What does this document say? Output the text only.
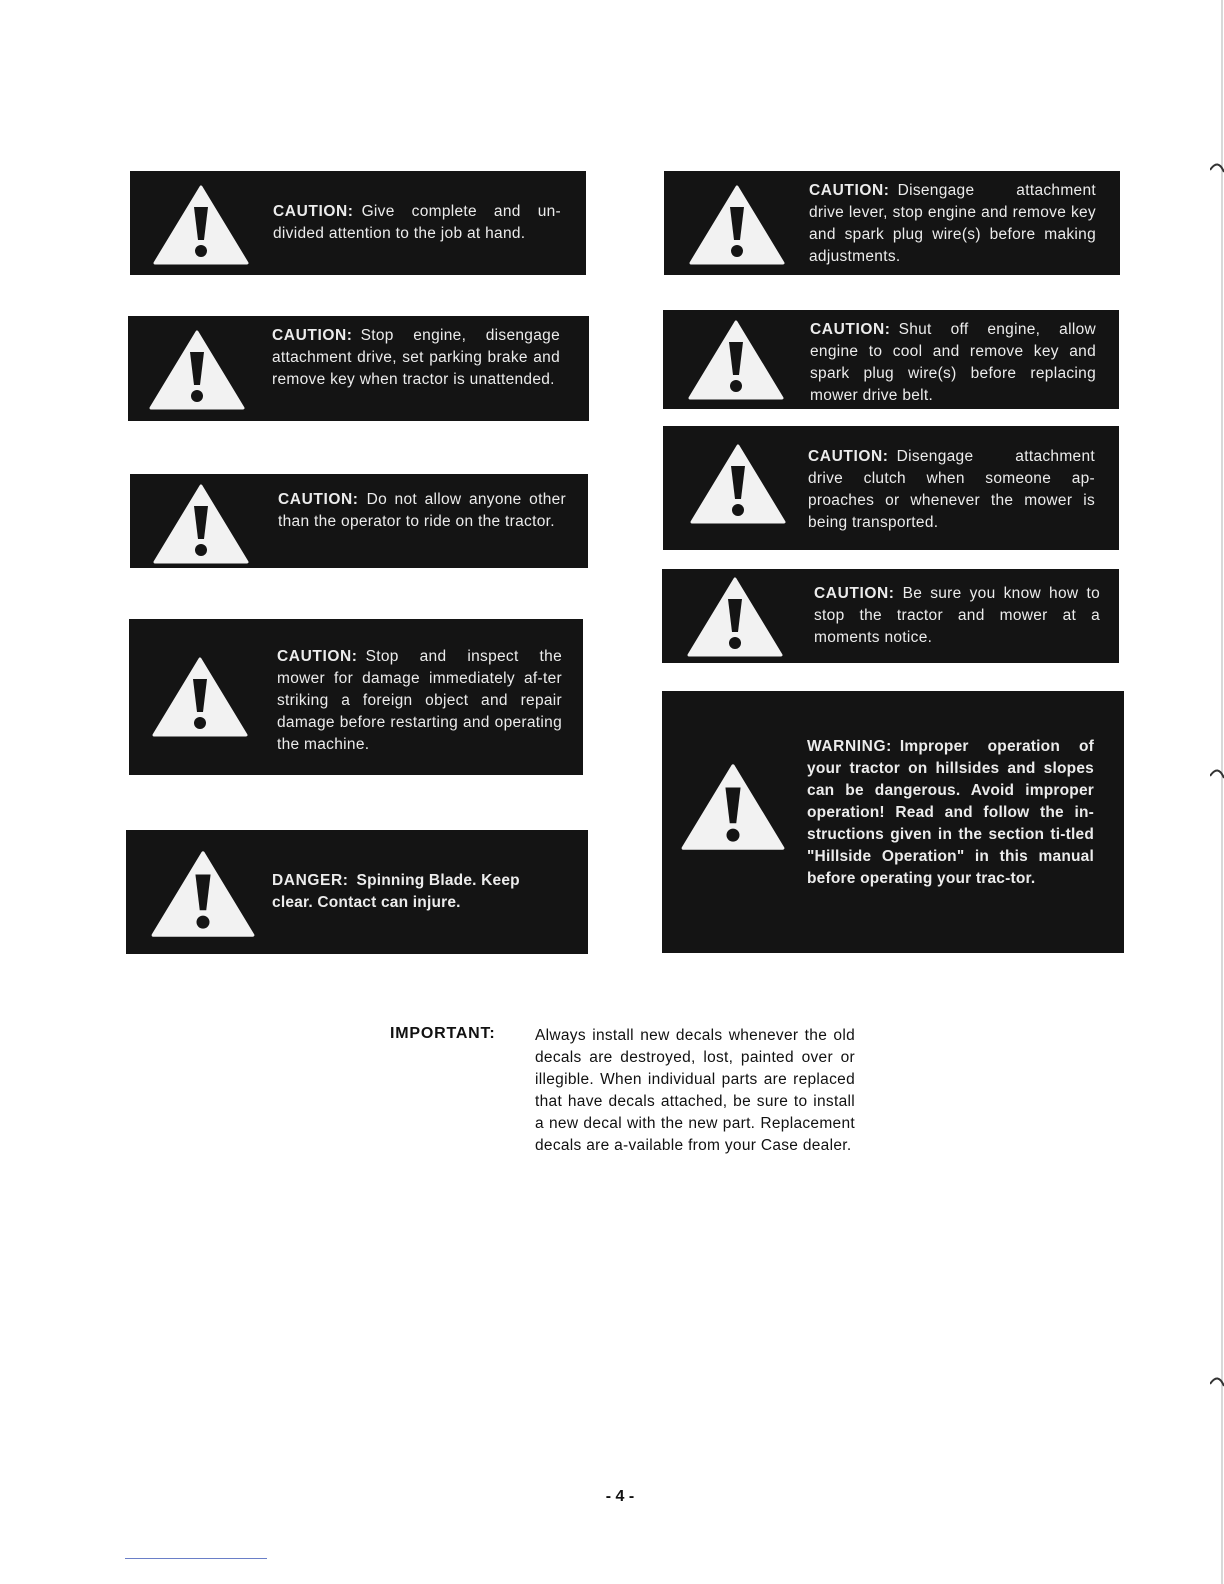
CAUTION: Give complete and un-divided attention to the job at hand.
CAUTION: Stop engine, disengage attachment drive, set parking brake and remove key when tractor is unattended.
CAUTION: Do not allow anyone other than the operator to ride on the tractor.
CAUTION: Stop and inspect the mower for damage immediately af-ter striking a foreign object and repair damage before restarting and operating the machine.
DANGER: Spinning Blade. Keep clear. Contact can injure.
CAUTION: Disengage attachment drive lever, stop engine and remove key and spark plug wire(s) before making adjustments.
CAUTION: Shut off engine, allow engine to cool and remove key and spark plug wire(s) before replacing mower drive belt.
CAUTION: Disengage attachment drive clutch when someone ap-proaches or whenever the mower is being transported.
CAUTION: Be sure you know how to stop the tractor and mower at a moments notice.
WARNING: Improper operation of your tractor on hillsides and slopes can be dangerous. Avoid improper operation! Read and follow the in-structions given in the section ti-tled "Hillside Operation" in this manual before operating your trac-tor.
IMPORTANT:	Always install new decals whenever the old decals are destroyed, lost, painted over or illegible. When individual parts are replaced that have decals attached, be sure to install a new decal with the new part. Replacement decals are a-vailable from your Case dealer.
- 4 -
